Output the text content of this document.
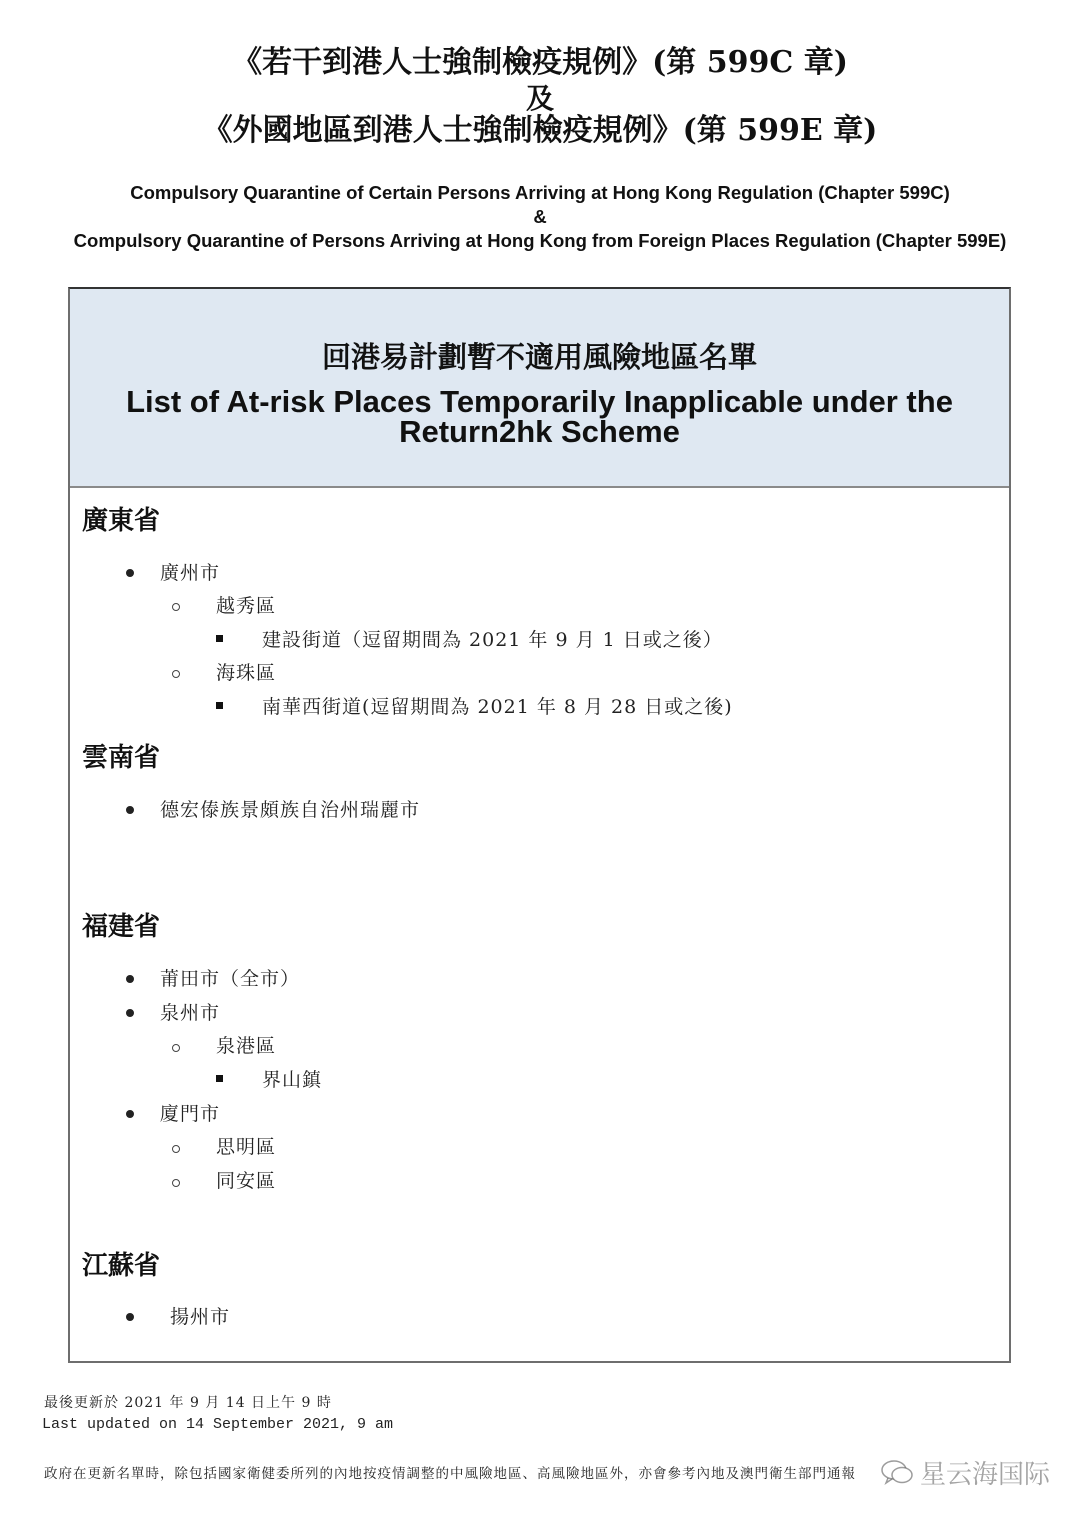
《若干到港人士強制檢疫規例》(第 599C 章)
及
《外國地區到港人士強制檢疫規例》(第 599E 章)
Compulsory Quarantine of Certain Persons Arriving at Hong Kong Regulation (Chapter 599C)
&
Compulsory Quarantine of Persons Arriving at Hong Kong from Foreign Places Regulation (Chapter 599E)
回港易計劃暫不適用風險地區名單
List of At-risk Places Temporarily Inapplicable under the
Return2hk Scheme
廣東省
廣州市
越秀區
建設街道（逗留期間為 2021 年 9 月 1 日或之後）
海珠區
南華西街道(逗留期間為 2021 年 8 月 28 日或之後)
雲南省
德宏傣族景頗族自治州瑞麗市
福建省
莆田市（全市）
泉州市
泉港區
界山鎮
廈門市
思明區
同安區
江蘇省
揚州市
最後更新於 2021 年 9 月 14 日上午 9 時
Last updated on 14 September 2021, 9 am
政府在更新名單時，除包括國家衛健委所列的內地按疫情調整的中風險地區、高風險地區外，亦會參考內地及澳門衛生部門通報 星云海国际
